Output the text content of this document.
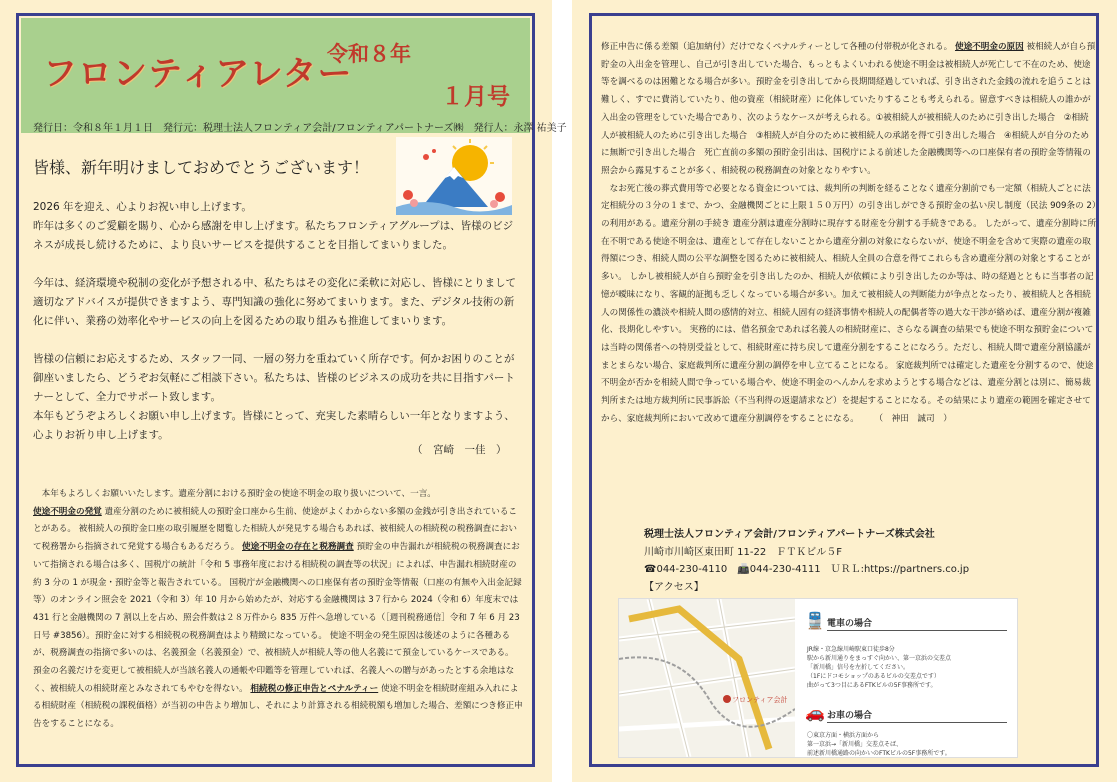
フロンティアレター
令和８年
１月号
発行日：令和８年１月１日　発行元：税理士法人フロンティア会計/フロンティアパートナーズ㈱　発行人：永澤 祐美子
皆様、新年明けましておめでとうございます！

2026 年を迎え、心よりお祝い申し上げます。

昨年は多くのご愛顧を賜り、心から感謝を申し上げます。私たちフロンティアグループは、皆様のビジネスが成長し続けるために、より良いサービスを提供することを目指してまいりました。

今年は、経済環境や税制の変化が予想される中、私たちはその変化に柔軟に対応し、皆様にとりまして適切なアドバイスが提供できますよう、専門知識の強化に努めてまいります。また、デジタル技術の新化に伴い、業務の効率化やサービスの向上を図るための取り組みも推進してまいります。

皆様の信頼にお応えするため、スタッフ一同、一層の努力を重ねていく所存です。何かお困りのことが御座いましたら、どうぞお気軽にご相談下さい。私たちは、皆様のビジネスの成功を共に目指すパートナーとして、全力でサポート致します。

本年もどうぞよろしくお願い申し上げます。皆様にとって、充実した素晴らしい一年となりますよう、心よりお祈り申し上げます。

（　宮崎　一佳　）
本年もよろしくお願いいたします。遺産分割における預貯金の使途不明金の取り扱いについて、一言。
使途不明金の発覚 遺産分割のために被相続人の預貯金口座から生前、使途がよくわからない多額の金銭が引き出されていることがある。 被相続人の預貯金口座の取引履歴を閲覧した相続人が発見する場合もあれば、被相続人の相続税の税務調査において税務署から指摘されて発覚する場合もあるだろう。 使途不明金の存在と税務調査 預貯金の申告漏れが相続税の税務調査において指摘される場合は多く、国税庁の統計「令和 5 事務年度における相続税の調査等の状況」によれば、申告漏れ相続財産の約 3 分の 1 が現金・預貯金等と報告されている。 国税庁が金融機関への口座保有者の預貯金等情報（口座の有無や入出金記録等）のオンライン照会を 2021（令和 3）年 10 月から始めたが、対応する金融機関は 3７行から 2024（令和 6）年度末では 431 行と金融機関の 7 割以上を占め、照会件数は２８万件から 835 万件へ急増している（［週刊税務通信］令和 7 年 6 月 23 日号 #3856）。預貯金に対する相続税の税務調査はより精緻になっている。 使途不明金の発生原因は後述のように各種あるが、税務調査の指摘で多いのは、名義預金（名義預金）で、被相続人が相続人等の他人名義にて預金しているケースである。 預金の名義だけを変更して被相続人が当該名義人の通帳や印鑑等を管理していれば、名義人への贈与があったとする余地はなく、被相続人の相続財産とみなされてもやむを得ない。 相続税の修正申告とペナルティー 使途不明金を相続財産組み入れによる相続財産（相続税の課税価格）が当初の申告より増加し、それにより計算される相続税額も増加した場合、差額につき修正申告をすることになる。
修正申告に係る差額（追加納付）だけでなくペナルティーとして各種の付帯税が化される。 使途不明金の原因 被相続人が自ら預貯金の入出金を管理し、自己が引き出していた場合、もっともよくいわれる使途不明金は被相続人が死亡して不在のため、使途等を調べるのは困難となる場合が多い。預貯金を引き出してから長期間経過していれば、引き出された金銭の流れを追うことは難しく、すでに費消していたり、他の資産（相続財産）に化体していたりすることも考えられる。留意すべきは相続人の誰かが入出金の管理をしていた場合であり、次のようなケースが考えられる。①被相続人が被相続人のために引き出した場合　②相続人が被相続人のために引き出した場合　③相続人が自分のために被相続人の承諾を得て引き出した場合　④相続人が自分のために無断で引き出した場合　死亡直前の多額の預貯金引出は、国税庁による前述した金融機関等への口座保有者の預貯金等情報の照会から露見することが多く、相続税の税務調査の対象となりやすい。
なお死亡後の葬式費用等で必要となる資金については、裁判所の判断を経ることなく遺産分割前でも一定額（相続人ごとに法定相続分の３分の１まで、かつ、金融機関ごとに上限１５０万円）の引き出しができる預貯金の払い戻し制度（民法 909条の 2）の利用がある。遺産分割の手続き 遺産分割は遺産分割時に現存する財産を分割する手続きである。 したがって、遺産分割時に所在不明である使途不明金は、遺産として存在しないことから遺産分割の対象にならないが、使途不明金を含めて実際の遺産の取得額につき、相続人間の公平な調整を図るために被相続人、相続人全員の合意を得てこれらも含め遺産分割の対象とすることが多い。 しかし被相続人が自ら預貯金を引き出したのか、相続人が依頼により引き出したのか等は、時の経過とともに当事者の記憶が曖昧になり、客観的証拠も乏しくなっている場合が多い。加えて被相続人の判断能力が争点となったり、被相続人と各相続人の関係性の濃淡や相続人間の感情的対立、相続人固有の経済事情や相続人の配偶者等の過大な干渉が絡めば、遺産分割が複雑化、長期化しやすい。 実務的には、借名預金であれば名義人の相続財産に、さらなる調査の結果でも使途不明な預貯金については当時の関係者への特別受益として、相続財産に持ち戻して遺産分割をすることになろう。ただし、相続人間で遺産分割協議がまとまらない場合、家庭裁判所に遺産分割の調停を申し立てることになる。 家庭裁判所では確定した遺産を分割するので、使途不明金が否かを相続人間で争っている場合や、使途不明金のへんかんを求めようとする場合などは、遺産分割とは別に、簡易裁判所または地方裁判所に民事訴訟（不当利得の返還請求など）を提起することになる。その結果により遺産の範囲を確定させてから、家庭裁判所において改めて遺産分割調停をすることになる。 （　神田　誠司　）
税理士法人フロンティア会計/フロンティアパートナーズ株式会社
川崎市川崎区東田町 11-22　ＦＴＫビル５F
☎044-230-4110　📠044-230-4111　ＵＲＬ:https://partners.co.jp
【アクセス】
フロンティア会計
🚆 電車の場合
JR線・京急線川崎駅東口徒歩8分
駅から新川通りをまっすぐ向かい、第一京浜の交差点
「新川橋」信号を左折してください。
（1Fにドコモショップのあるビルの交差点です）
曲がって3つ目にあるFTKビルの5F事務所です。
🚗 お車の場合
〇東京方面・横浜方面から
第一京浜→「新川橋」交差点そば、
前述新川橋通路の向かいのFTKビルの5F事務所です。
